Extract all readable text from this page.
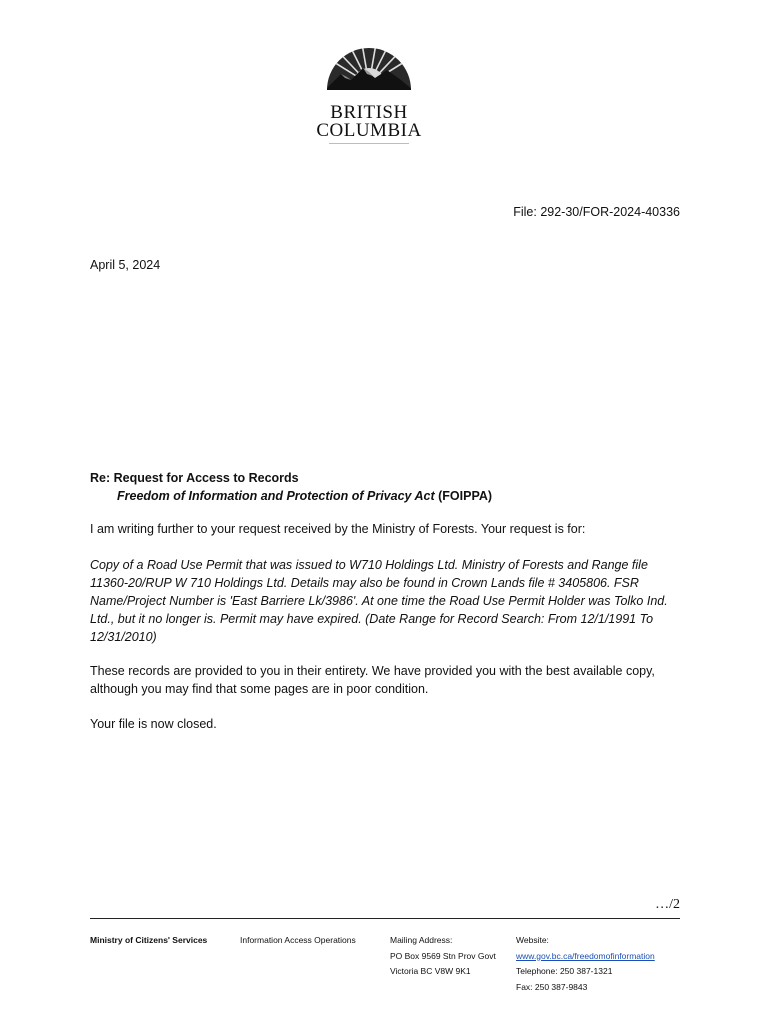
BRITISH
COLUMBIA
File: 292-30/FOR-2024-40336
April 5, 2024
Re: Request for Access to Records
Freedom of Information and Protection of Privacy Act (FOIPPA)
I am writing further to your request received by the Ministry of Forests. Your request is for:
Copy of a Road Use Permit that was issued to W710 Holdings Ltd. Ministry of Forests and Range file 11360-20/RUP W 710 Holdings Ltd. Details may also be found in Crown Lands file # 3405806. FSR Name/Project Number is 'East Barriere Lk/3986'. At one time the Road Use Permit Holder was Tolko Ind. Ltd., but it no longer is. Permit may have expired. (Date Range for Record Search: From 12/1/1991 To 12/31/2010)
These records are provided to you in their entirety. We have provided you with the best available copy, although you may find that some pages are in poor condition.
Your file is now closed.
…/2
Ministry of Citizens' Services	Information Access Operations	Mailing Address:
PO Box 9569 Stn Prov Govt
Victoria BC V8W 9K1
Website:
www.gov.bc.ca/freedomofinformation
Telephone: 250 387-1321
Fax: 250 387-9843
